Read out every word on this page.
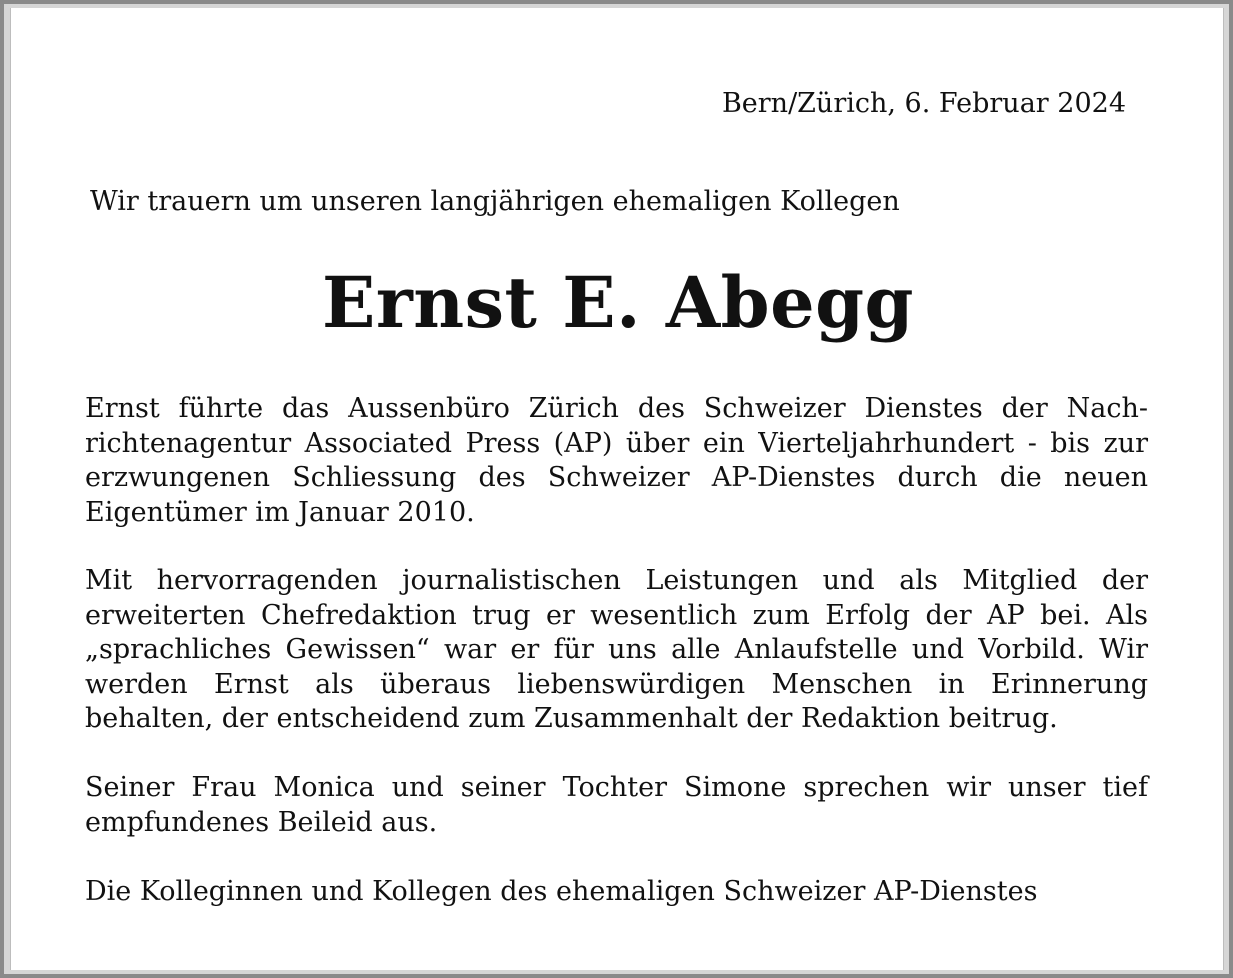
Bern/Zürich, 6. Februar 2024
Wir trauern um unseren langjährigen ehemaligen Kollegen
Ernst E. Abegg
Ernst führte das Aussenbüro Zürich des Schweizer Dienstes der Nachrichtenagentur Associated Press (AP) über ein Vierteljahrhundert - bis zur erzwungenen Schliessung des Schweizer AP-Dienstes durch die neuen Eigentümer im Januar 2010.
Mit hervorragenden journalistischen Leistungen und als Mitglied der erweiterten Chefredaktion trug er wesentlich zum Erfolg der AP bei. Als „sprachliches Gewissen“ war er für uns alle Anlaufstelle und Vorbild. Wir werden Ernst als überaus liebenswürdigen Menschen in Erinnerung behalten, der entscheidend zum Zusammenhalt der Redaktion beitrug.
Seiner Frau Monica und seiner Tochter Simone sprechen wir unser tief empfundenes Beileid aus.
Die Kolleginnen und Kollegen des ehemaligen Schweizer AP-Dienstes
